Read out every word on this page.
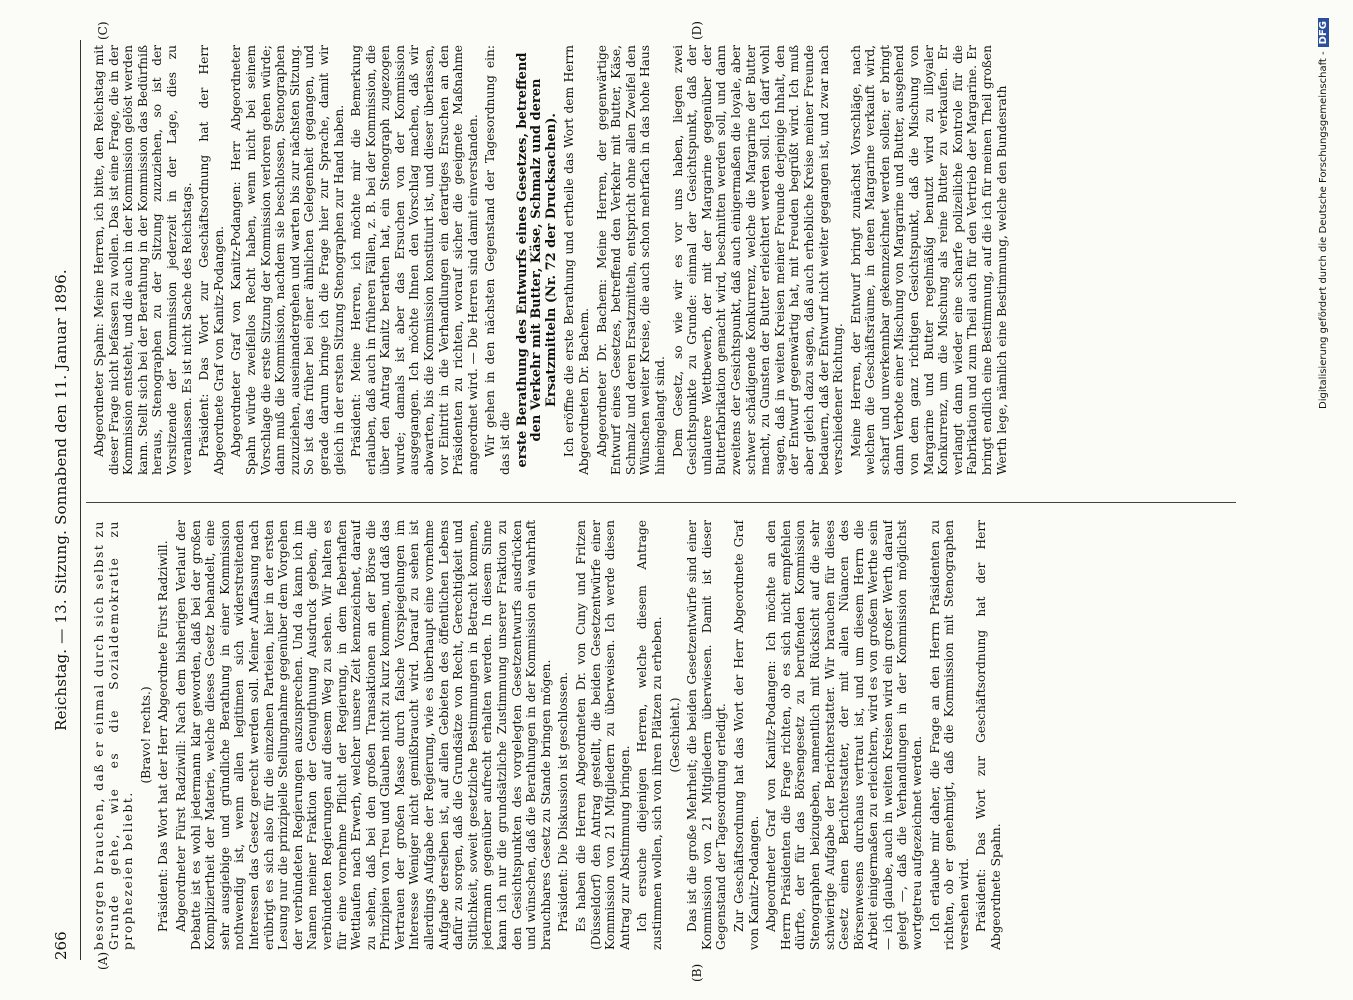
266
Reichstag. — 13. Sitzung. Sonnabend den 11. Januar 1896.
(A)
(B)
(C)	(D)

besorgen brauchen, daß er einmal durch sich selbst zu Grunde gehe, wie es die Sozialdemokratie zu prophezeien beliebt.

(Bravo! rechts.) Präsident: Das Wort hat der Herr Abgeordnete Fürst Radziwill. Abgeordneter Fürst Radziwill: Nach dem bisherigen Verlauf der Debatte ist es wohl jedermann klar geworden, daß bei der großen Kompliziertheit der Materie, welche dieses Gesetz behandelt, eine sehr ausgiebige und gründliche Berathung in einer Kommission nothwendig ist, wenn allen legitimen sich widerstreitenden Interessen das Gesetz gerecht werden soll. Meiner Auffassung nach erübrigt es sich also für die einzelnen Parteien, hier in der ersten Lesung nur die prinzipielle Stellungnahme gegenüber dem Vorgehen der verbündeten Regierungen auszusprechen. Und da kann ich im Namen meiner Fraktion der Genugthuung Ausdruck geben, die verbündeten Regierungen auf diesem Weg zu sehen. Wir halten es für eine vornehme Pflicht der Regierung, in dem fieberhaften Wettlaufen nach Erwerb, welcher unsere Zeit kennzeichnet, darauf zu sehen, daß bei den großen Transaktionen an der Börse die Prinzipien von Treu und Glauben nicht zu kurz kommen, und daß das Vertrauen der großen Masse durch falsche Vorspiegelungen im Interesse Weniger nicht gemißbraucht wird. Darauf zu sehen ist allerdings Aufgabe der Regierung, wie es überhaupt eine vornehme Aufgabe derselben ist, auf allen Gebieten des öffentlichen Lebens dafür zu sorgen, daß die Grundsätze von Recht, Gerechtigkeit und Sittlichkeit, soweit gesetzliche Bestimmungen in Betracht kommen, jedermann gegenüber aufrecht erhalten werden. In diesem Sinne kann ich nur die grundsätzliche Zustimmung unserer Fraktion zu den Gesichtspunkten des vorgelegten Gesetzentwurfs ausdrücken und wünschen, daß die Berathungen in der Kommission ein wahrhaft brauchbares Gesetz zu Stande bringen mögen. Präsident: Die Diskussion ist geschlossen. Es haben die Herren Abgeordneten Dr. von Cuny und Fritzen (Düsseldorf) den Antrag gestellt, die beiden Gesetzentwürfe einer Kommission von 21 Mitgliedern zu überweisen. Ich werde diesen Antrag zur Abstimmung bringen. Ich ersuche diejenigen Herren, welche diesem Antrage zustimmen wollen, sich von ihren Plätzen zu erheben. (Geschieht.) Das ist die große Mehrheit; die beiden Gesetzentwürfe sind einer Kommission von 21 Mitgliedern überwiesen. Damit ist dieser Gegenstand der Tagesordnung erledigt. Zur Geschäftsordnung hat das Wort der Herr Abgeordnete Graf von Kanitz-Podangen. Abgeordneter Graf von Kanitz-Podangen: Ich möchte an den Herrn Präsidenten die Frage richten, ob es sich nicht empfehlen dürfte, der für das Börsengesetz zu berufenden Kommission Stenographen beizugeben, namentlich mit Rücksicht auf die sehr schwierige Aufgabe der Berichterstatter. Wir brauchen für dieses Gesetz einen Berichterstatter, der mit allen Nüancen des Börsenwesens durchaus vertraut ist, und um diesem Herrn die Arbeit einigermaßen zu erleichtern, wird es von großem Werthe sein — ich glaube, auch in weiten Kreisen wird ein großer Werth darauf gelegt —, daß die Verhandlungen in der Kommission möglichst wortgetreu aufgezeichnet werden. Ich erlaube mir daher, die Frage an den Herrn Präsidenten zu richten, ob er genehmigt, daß die Kommission mit Stenographen versehen wird. Präsident: Das Wort zur Geschäftsordnung hat der Herr Abgeordnete Spahn.

Abgeordneter Spahn: Meine Herren, ich bitte, den Reichstag mit dieser Frage nicht befassen zu wollen. Das ist eine Frage, die in der Kommission entsteht, und die auch in der Kommission gelöst werden kann. Stellt sich bei der Berathung in der Kommission das Bedürfniß heraus, Stenographen zu der Sitzung zuzuziehen, so ist der Vorsitzende der Kommission jederzeit in der Lage, dies zu veranlassen. Es ist nicht Sache des Reichstags. Präsident: Das Wort zur Geschäftsordnung hat der Herr Abgeordnete Graf von Kanitz-Podangen. Abgeordneter Graf von Kanitz-Podangen: Herr Abgeordneter Spahn würde zweifellos Recht haben, wenn nicht bei seinem Vorschlage die erste Sitzung der Kommission verloren gehen würde; dann muß die Kommission, nachdem sie beschlossen, Stenographen zuzuziehen, auseinandergehen und warten bis zur nächsten Sitzung. So ist das früher bei einer ähnlichen Gelegenheit gegangen, und gerade darum bringe ich die Frage hier zur Sprache, damit wir gleich in der ersten Sitzung Stenographen zur Hand haben. Präsident: Meine Herren, ich möchte mir die Bemerkung erlauben, daß auch in früheren Fällen, z. B. bei der Kommission, die über den Antrag Kanitz berathen hat, ein Stenograph zugezogen wurde; damals ist aber das Ersuchen von der Kommission ausgegangen. Ich möchte Ihnen den Vorschlag machen, daß wir abwarten, bis die Kommission konstituirt ist, und dieser überlassen, vor Eintritt in die Verhandlungen ein derartiges Ersuchen an den Präsidenten zu richten, worauf sicher die geeignete Maßnahme angeordnet wird. — Die Herren sind damit einverstanden. Wir gehen in den nächsten Gegenstand der Tagesordnung ein: das ist die erste Berathung des Entwurfs eines Gesetzes, betreffend den Verkehr mit Butter, Käse, Schmalz und deren Ersatzmitteln (Nr. 72 der Drucksachen). Ich eröffne die erste Berathung und ertheile das Wort dem Herrn Abgeordneten Dr. Bachem. Abgeordneter Dr. Bachem: Meine Herren, der gegenwärtige Entwurf eines Gesetzes, betreffend den Verkehr mit Butter, Käse, Schmalz und deren Ersatzmitteln, entspricht ohne allen Zweifel den Wünschen weiter Kreise, die auch schon mehrfach in das hohe Haus hineingelangt sind. Dem Gesetz, so wie wir es vor uns haben, liegen zwei Gesichtspunkte zu Grunde: einmal der Gesichtspunkt, daß der unlautere Wettbewerb, der mit der Margarine gegenüber der Butterfabrikation gemacht wird, beschnitten werden soll, und dann zweitens der Gesichtspunkt, daß auch einigermaßen die loyale, aber schwer schädigende Konkurrenz, welche die Margarine der Butter macht, zu Gunsten der Butter erleichtert werden soll. Ich darf wohl sagen, daß in weiten Kreisen meiner Freunde derjenige Inhalt, den der Entwurf gegenwärtig hat, mit Freuden begrüßt wird. Ich muß aber gleich dazu sagen, daß auch erhebliche Kreise meiner Freunde bedauern, daß der Entwurf nicht weiter gegangen ist, und zwar nach verschiedener Richtung. Meine Herren, der Entwurf bringt zunächst Vorschläge, nach welchen die Geschäftsräume, in denen Margarine verkauft wird, scharf und unverkennbar gekennzeichnet werden sollen; er bringt dann Verbote einer Mischung von Margarine und Butter, ausgehend von dem ganz richtigen Gesichtspunkt, daß die Mischung von Margarine und Butter regelmäßig benutzt wird zu illoyaler Konkurrenz, um die Mischung als reine Butter zu verkaufen. Er verlangt dann wieder eine scharfe polizeiliche Kontrole für die Fabrikation und zum Theil auch für den Vertrieb der Margarine. Er bringt endlich eine Bestimmung, auf die ich für meinen Theil großen Werth lege, nämlich eine Bestimmung, welche den Bundesrath	Digitalisierung gefördert durch die Deutsche Forschungsgemeinschaft -DFG
